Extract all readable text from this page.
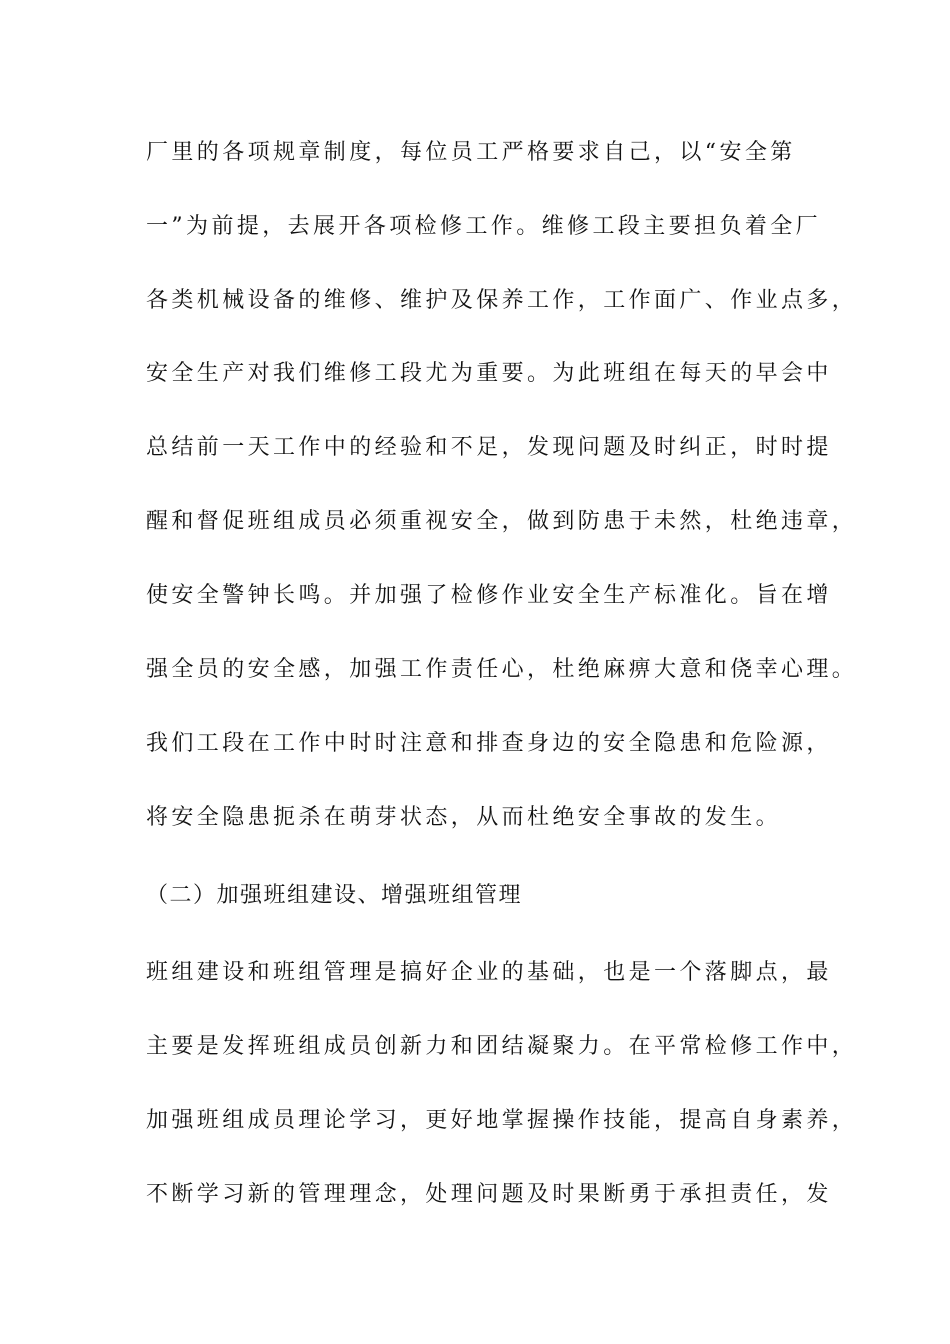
厂里的各项规章制度，每位员工严格要求自己，以“安全第
一”为前提，去展开各项检修工作。维修工段主要担负着全厂
各类机械设备的维修、维护及保养工作，工作面广、作业点多，
安全生产对我们维修工段尤为重要。为此班组在每天的早会中
总结前一天工作中的经验和不足，发现问题及时纠正，时时提
醒和督促班组成员必须重视安全，做到防患于未然，杜绝违章，
使安全警钟长鸣。并加强了检修作业安全生产标准化。旨在增
强全员的安全感，加强工作责任心，杜绝麻痹大意和侥幸心理。
我们工段在工作中时时注意和排查身边的安全隐患和危险源，
将安全隐患扼杀在萌芽状态，从而杜绝安全事故的发生。
（二）加强班组建设、增强班组管理
班组建设和班组管理是搞好企业的基础，也是一个落脚点，最
主要是发挥班组成员创新力和团结凝聚力。在平常检修工作中，
加强班组成员理论学习，更好地掌握操作技能，提高自身素养，
不断学习新的管理理念，处理问题及时果断勇于承担责任，发
